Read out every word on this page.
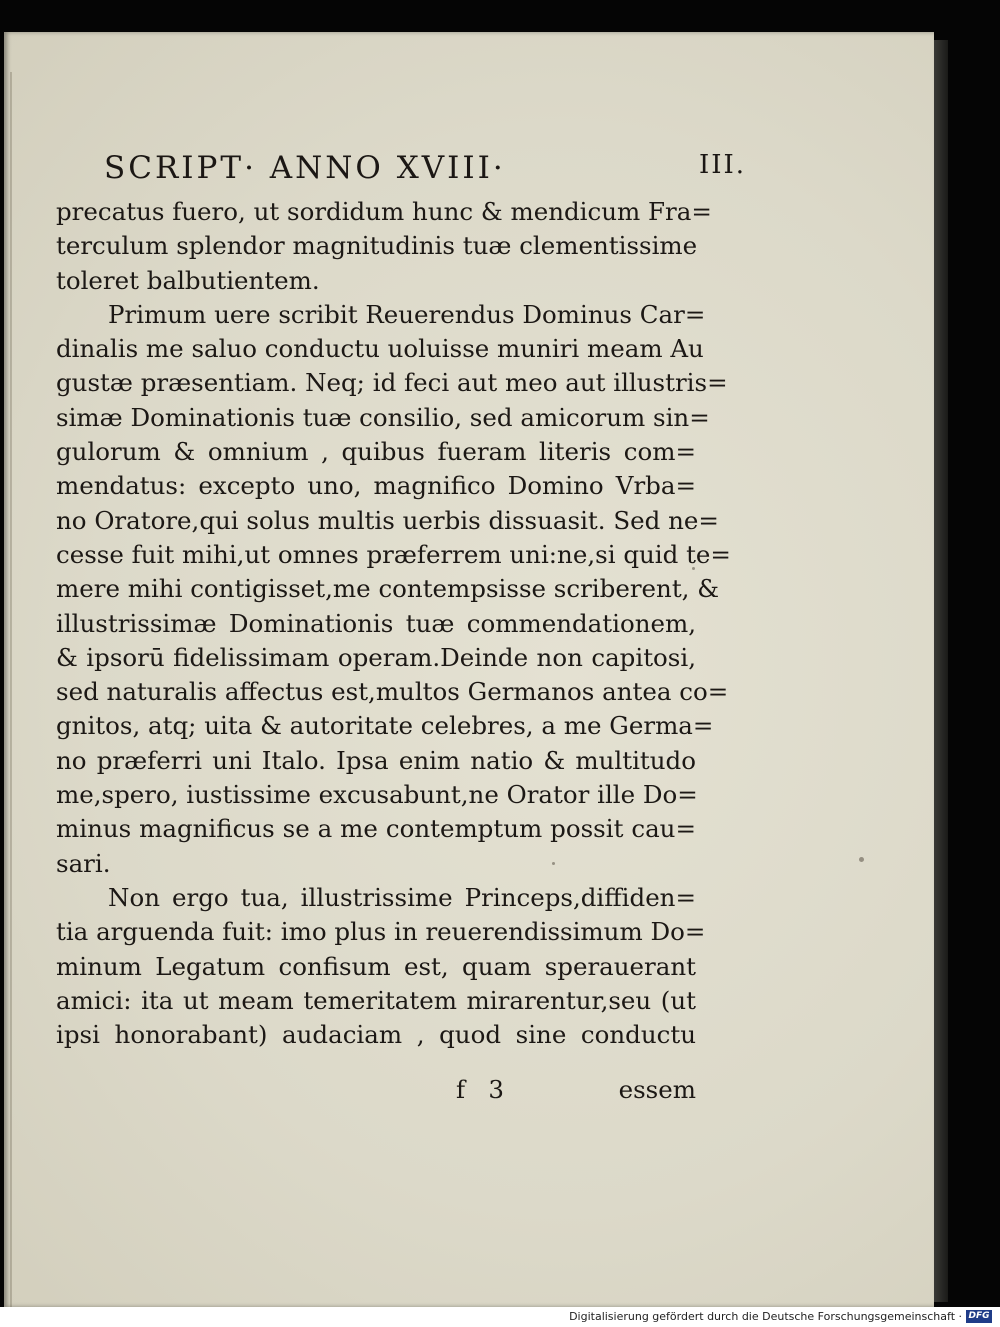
SCRIPT· ANNO XVIII·	III.
precatus fuero, ut sordidum hunc & mendicum Fra=
terculum splendor magnitudinis tuæ clementissime
toleret balbutientem.
Primum uere scribit Reuerendus Dominus Car=
dinalis me saluo conductu uoluisse muniri meam Au
gustæ præsentiam. Neq; id feci aut meo aut illustris=
simæ Dominationis tuæ consilio, sed amicorum sin=
gulorum & omnium , quibus fueram literis com=
mendatus: excepto uno, magnifico Domino Vrba=
no Oratore,qui solus multis uerbis dissuasit. Sed ne=
cesse fuit mihi,ut omnes præferrem uni:ne,si quid te=
mere mihi contigisset,me contempsisse scriberent, &
illustrissimæ Dominationis tuæ commendationem,
& ipsorū fidelissimam operam.Deinde non capitosi,
sed naturalis affectus est,multos Germanos antea co=
gnitos, atq; uita & autoritate celebres, a me Germa=
no præferri uni Italo. Ipsa enim natio & multitudo
me,spero, iustissime excusabunt,ne Orator ille Do=
minus magnificus se a me contemptum possit cau=
sari.
Non ergo tua, illustrissime Princeps,diffiden=
tia arguenda fuit: imo plus in reuerendissimum Do=
minum Legatum confisum est, quam sperauerant
amici: ita ut meam temeritatem mirarentur,seu (ut
ipsi honorabant) audaciam , quod sine conductu
f   3	essem
Digitalisierung gefördert durch die Deutsche Forschungsgemeinschaft · DFG
